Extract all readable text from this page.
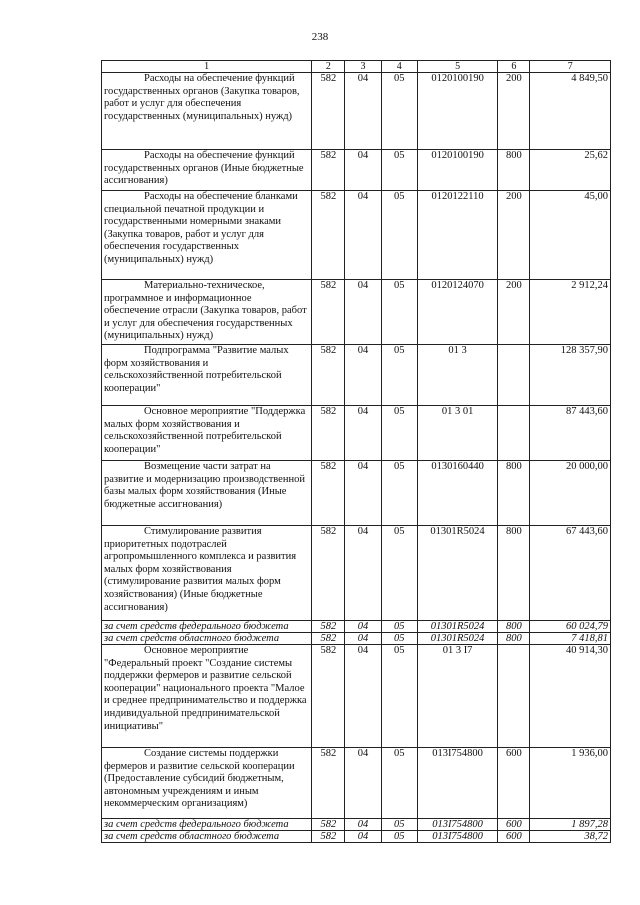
238
1	2	3	4	5	6	7
Расходы на обеспечение функций государственных органов (Закупка товаров, работ и услуг для обеспечения государственных (муниципальных) нужд)	582	04	05	0120100190	200	4 849,50
Расходы на обеспечение функций государственных органов (Иные бюджетные ассигнования)	582	04	05	0120100190	800	25,62
Расходы на обеспечение бланками специальной печатной продукции и государственными номерными знаками (Закупка товаров, работ и услуг для обеспечения государственных (муниципальных) нужд)	582	04	05	0120122110	200	45,00
Материально-техническое, программное и информационное обеспечение отрасли (Закупка товаров, работ и услуг для обеспечения государственных (муниципальных) нужд)	582	04	05	0120124070	200	2 912,24
Подпрограмма "Развитие малых форм хозяйствования и сельскохозяйственной потребительской кооперации"	582	04	05	01 3		128 357,90
Основное мероприятие "Поддержка малых форм хозяйствования и сельскохозяйственной потребительской кооперации"	582	04	05	01 3 01		87 443,60
Возмещение части затрат на развитие и модернизацию производственной базы малых форм хозяйствования (Иные бюджетные ассигнования)	582	04	05	0130160440	800	20 000,00
Стимулирование развития приоритетных подотраслей агропромышленного комплекса и развития малых форм хозяйствования (стимулирование развития малых форм хозяйствования) (Иные бюджетные ассигнования)	582	04	05	01301R5024	800	67 443,60
за счет средств федерального бюджета	582	04	05	01301R5024	800	60 024,79
за счет средств областного бюджета	582	04	05	01301R5024	800	7 418,81
Основное мероприятие "Федеральный проект "Создание системы поддержки фермеров и развитие сельской кооперации" национального проекта "Малое и среднее предпринимательство и поддержка индивидуальной предпринимательской инициативы"	582	04	05	01 3 I7		40 914,30
Создание системы поддержки фермеров и развитие сельской кооперации (Предоставление субсидий бюджетным, автономным учреждениям и иным некоммерческим организациям)	582	04	05	013I754800	600	1 936,00
за счет средств федерального бюджета	582	04	05	013I754800	600	1 897,28
за счет средств областного бюджета	582	04	05	013I754800	600	38,72
